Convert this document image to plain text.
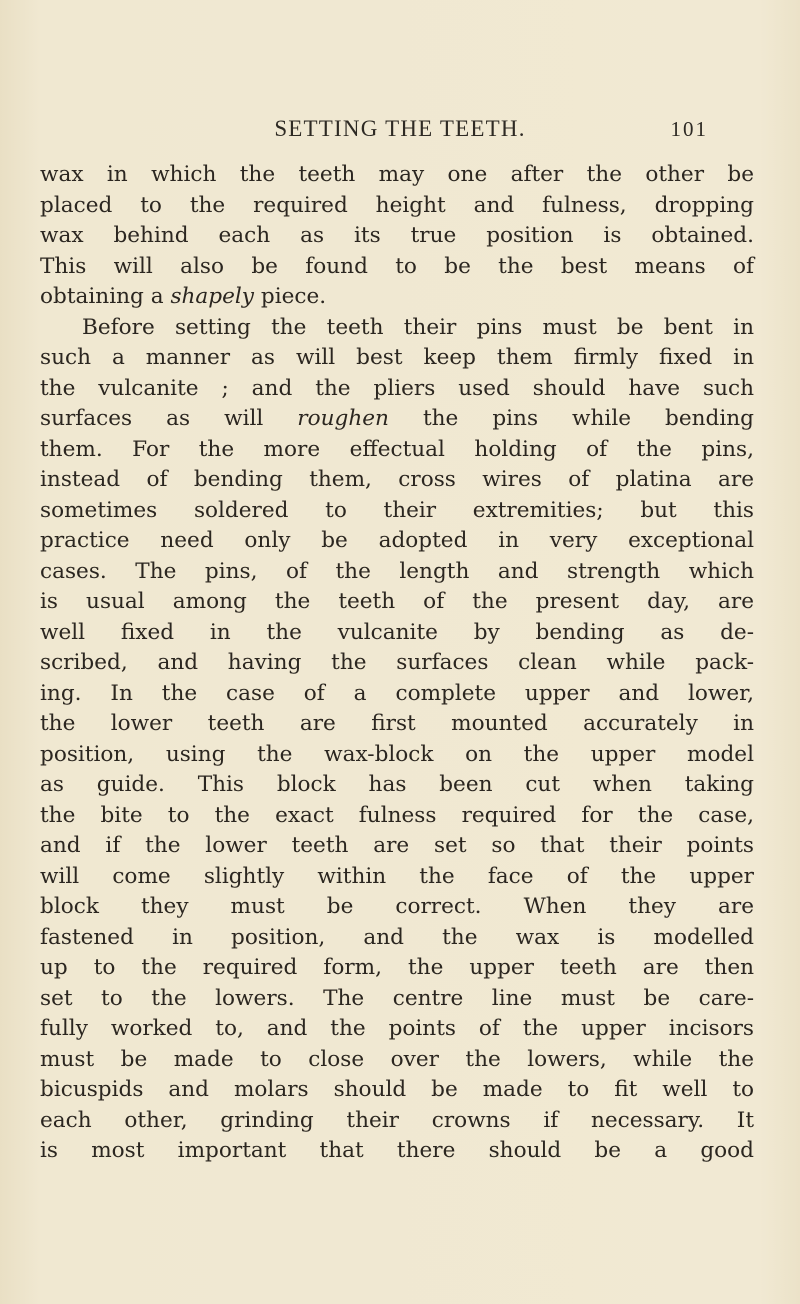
SETTING THE TEETH.	101
wax in which the teeth may one after the other be
placed to the required height and fulness, dropping
wax behind each as its true position is obtained.
This will also be found to be the best means of
obtaining a shapely piece.
Before setting the teeth their pins must be bent in
such a manner as will best keep them firmly fixed in
the vulcanite ; and the pliers used should have such
surfaces as will roughen the pins while bending
them. For the more effectual holding of the pins,
instead of bending them, cross wires of platina are
sometimes soldered to their extremities; but this
practice need only be adopted in very exceptional
cases. The pins, of the length and strength which
is usual among the teeth of the present day, are
well fixed in the vulcanite by bending as de-
scribed, and having the surfaces clean while pack-
ing. In the case of a complete upper and lower,
the lower teeth are first mounted accurately in
position, using the wax-block on the upper model
as guide. This block has been cut when taking
the bite to the exact fulness required for the case,
and if the lower teeth are set so that their points
will come slightly within the face of the upper
block they must be correct. When they are
fastened in position, and the wax is modelled
up to the required form, the upper teeth are then
set to the lowers. The centre line must be care-
fully worked to, and the points of the upper incisors
must be made to close over the lowers, while the
bicuspids and molars should be made to fit well to
each other, grinding their crowns if necessary. It
is most important that there should be a good
